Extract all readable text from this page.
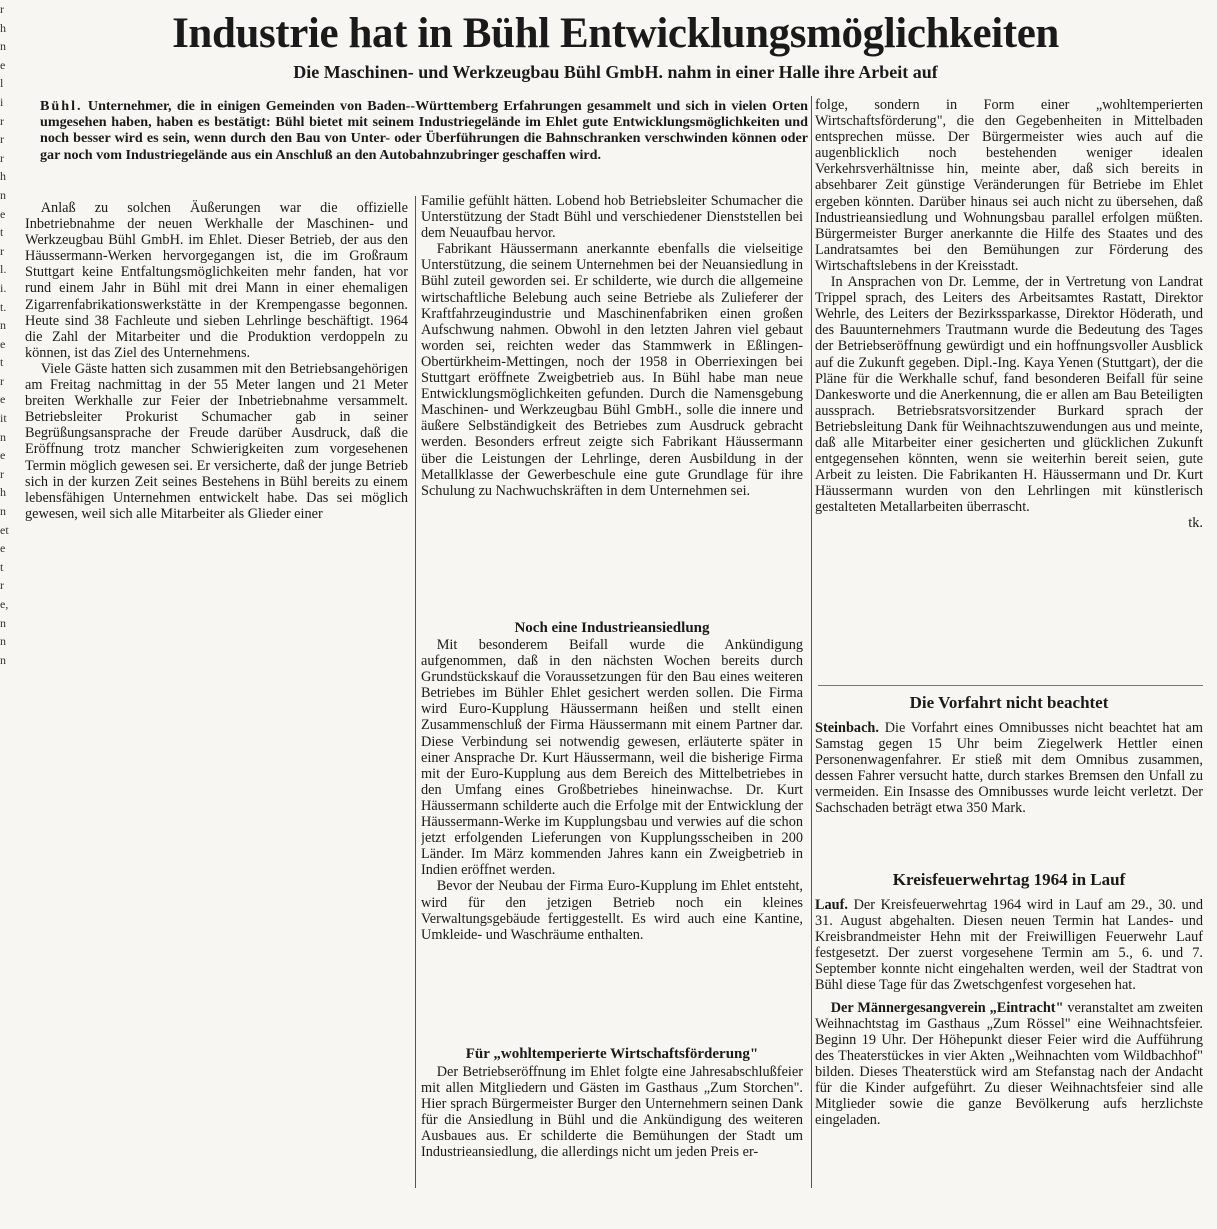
r
h
n
e
l
i
r
r
r
h
n
e
t
r
l.
i.
t.
n
e
t
r
e
it
n
e
r
h
n
et
e
t
r
e,
n
n
n
Industrie hat in Bühl Entwicklungsmöglichkeiten
Die Maschinen- und Werkzeugbau Bühl GmbH. nahm in einer Halle ihre Arbeit auf

Bühl. Unternehmer, die in einigen Gemeinden von Baden--Württemberg Erfahrungen gesammelt und sich in vielen Orten umgesehen haben, haben es bestätigt: Bühl bietet mit seinem Industriegelände im Ehlet gute Entwicklungsmöglichkeiten und noch besser wird es sein, wenn durch den Bau von Unter- oder Überführungen die Bahnschranken verschwinden können oder gar noch vom Industriegelände aus ein Anschluß an den Autobahnzubringer geschaffen wird.

Anlaß zu solchen Äußerungen war die offizielle Inbetriebnahme der neuen Werkhalle der Maschinen- und Werkzeugbau Bühl GmbH. im Ehlet. Dieser Betrieb, der aus den Häussermann-Werken hervorgegangen ist, die im Großraum Stuttgart keine Entfaltungsmöglichkeiten mehr fanden, hat vor rund einem Jahr in Bühl mit drei Mann in einer ehemaligen Zigarrenfabrikationswerkstätte in der Krempengasse begonnen. Heute sind 38 Fachleute und sieben Lehrlinge beschäftigt. 1964 die Zahl der Mitarbeiter und die Produktion verdoppeln zu können, ist das Ziel des Unternehmens.

Viele Gäste hatten sich zusammen mit den Betriebsangehörigen am Freitag nachmittag in der 55 Meter langen und 21 Meter breiten Werkhalle zur Feier der Inbetriebnahme versammelt. Betriebsleiter Prokurist Schumacher gab in seiner Begrüßungsansprache der Freude darüber Ausdruck, daß die Eröffnung trotz mancher Schwierigkeiten zum vorgesehenen Termin möglich gewesen sei. Er versicherte, daß der junge Betrieb sich in der kurzen Zeit seines Bestehens in Bühl bereits zu einem lebensfähigen Unternehmen entwickelt habe. Das sei möglich gewesen, weil sich alle Mitarbeiter als Glieder einer

Familie gefühlt hätten. Lobend hob Betriebsleiter Schumacher die Unterstützung der Stadt Bühl und verschiedener Dienststellen bei dem Neuaufbau hervor.

Fabrikant Häussermann anerkannte ebenfalls die vielseitige Unterstützung, die seinem Unternehmen bei der Neuansiedlung in Bühl zuteil geworden sei. Er schilderte, wie durch die allgemeine wirtschaftliche Belebung auch seine Betriebe als Zulieferer der Kraftfahrzeugindustrie und Maschinenfabriken einen großen Aufschwung nahmen. Obwohl in den letzten Jahren viel gebaut worden sei, reichten weder das Stammwerk in Eßlingen-Obertürkheim-Mettingen, noch der 1958 in Oberriexingen bei Stuttgart eröffnete Zweigbetrieb aus. In Bühl habe man neue Entwicklungsmöglichkeiten gefunden. Durch die Namensgebung Maschinen- und Werkzeugbau Bühl GmbH., solle die innere und äußere Selbständigkeit des Betriebes zum Ausdruck gebracht werden. Besonders erfreut zeigte sich Fabrikant Häussermann über die Leistungen der Lehrlinge, deren Ausbildung in der Metallklasse der Gewerbeschule eine gute Grundlage für ihre Schulung zu Nachwuchskräften in dem Unternehmen sei.

Noch eine Industrieansiedlung

Mit besonderem Beifall wurde die Ankündigung aufgenommen, daß in den nächsten Wochen bereits durch Grundstückskauf die Voraussetzungen für den Bau eines weiteren Betriebes im Bühler Ehlet gesichert werden sollen. Die Firma wird Euro-Kupplung Häussermann heißen und stellt einen Zusammenschluß der Firma Häussermann mit einem Partner dar. Diese Verbindung sei notwendig gewesen, erläuterte später in einer Ansprache Dr. Kurt Häussermann, weil die bisherige Firma mit der Euro-Kupplung aus dem Bereich des Mittelbetriebes in den Umfang eines Großbetriebes hineinwachse. Dr. Kurt Häussermann schilderte auch die Erfolge mit der Entwicklung der Häussermann-Werke im Kupplungsbau und verwies auf die schon jetzt erfolgenden Lieferungen von Kupplungsscheiben in 200 Länder. Im März kommenden Jahres kann ein Zweigbetrieb in Indien eröffnet werden.

Bevor der Neubau der Firma Euro-Kupplung im Ehlet entsteht, wird für den jetzigen Betrieb noch ein kleines Verwaltungsgebäude fertiggestellt. Es wird auch eine Kantine, Umkleide- und Waschräume enthalten.

Für „wohltemperierte Wirtschaftsförderung"

Der Betriebseröffnung im Ehlet folgte eine Jahresabschlußfeier mit allen Mitgliedern und Gästen im Gasthaus „Zum Storchen". Hier sprach Bürgermeister Burger den Unternehmern seinen Dank für die Ansiedlung in Bühl und die Ankündigung des weiteren Ausbaues aus. Er schilderte die Bemühungen der Stadt um Industrieansiedlung, die allerdings nicht um jeden Preis er-

folge, sondern in Form einer „wohltemperierten Wirtschaftsförderung", die den Gegebenheiten in Mittelbaden entsprechen müsse. Der Bürgermeister wies auch auf die augenblicklich noch bestehenden weniger idealen Verkehrsverhältnisse hin, meinte aber, daß sich bereits in absehbarer Zeit günstige Veränderungen für Betriebe im Ehlet ergeben könnten. Darüber hinaus sei auch nicht zu übersehen, daß Industrieansiedlung und Wohnungsbau parallel erfolgen müßten. Bürgermeister Burger anerkannte die Hilfe des Staates und des Landratsamtes bei den Bemühungen zur Förderung des Wirtschaftslebens in der Kreisstadt.

In Ansprachen von Dr. Lemme, der in Vertretung von Landrat Trippel sprach, des Leiters des Arbeitsamtes Rastatt, Direktor Wehrle, des Leiters der Bezirkssparkasse, Direktor Höderath, und des Bauunternehmers Trautmann wurde die Bedeutung des Tages der Betriebseröffnung gewürdigt und ein hoffnungsvoller Ausblick auf die Zukunft gegeben. Dipl.-Ing. Kaya Yenen (Stuttgart), der die Pläne für die Werkhalle schuf, fand besonderen Beifall für seine Dankesworte und die Anerkennung, die er allen am Bau Beteiligten aussprach. Betriebsratsvorsitzender Burkard sprach der Betriebsleitung Dank für Weihnachtszuwendungen aus und meinte, daß alle Mitarbeiter einer gesicherten und glücklichen Zukunft entgegensehen könnten, wenn sie weiterhin bereit seien, gute Arbeit zu leisten. Die Fabrikanten H. Häussermann und Dr. Kurt Häussermann wurden von den Lehrlingen mit künstlerisch gestalteten Metallarbeiten überrascht.

tk.
Die Vorfahrt nicht beachtet

Steinbach. Die Vorfahrt eines Omnibusses nicht beachtet hat am Samstag gegen 15 Uhr beim Ziegelwerk Hettler einen Personenwagenfahrer. Er stieß mit dem Omnibus zusammen, dessen Fahrer versucht hatte, durch starkes Bremsen den Unfall zu vermeiden. Ein Insasse des Omnibusses wurde leicht verletzt. Der Sachschaden beträgt etwa 350 Mark.

Kreisfeuerwehrtag 1964 in Lauf

Lauf. Der Kreisfeuerwehrtag 1964 wird in Lauf am 29., 30. und 31. August abgehalten. Diesen neuen Termin hat Landes- und Kreisbrandmeister Hehn mit der Freiwilligen Feuerwehr Lauf festgesetzt. Der zuerst vorgesehene Termin am 5., 6. und 7. September konnte nicht eingehalten werden, weil der Stadtrat von Bühl diese Tage für das Zwetschgenfest vorgesehen hat.

Der Männergesangverein „Eintracht" veranstaltet am zweiten Weihnachtstag im Gasthaus „Zum Rössel" eine Weihnachtsfeier. Beginn 19 Uhr. Der Höhepunkt dieser Feier wird die Aufführung des Theaterstückes in vier Akten „Weihnachten vom Wildbachhof" bilden. Dieses Theaterstück wird am Stefanstag nach der Andacht für die Kinder aufgeführt. Zu dieser Weihnachtsfeier sind alle Mitglieder sowie die ganze Bevölkerung aufs herzlichste eingeladen.
